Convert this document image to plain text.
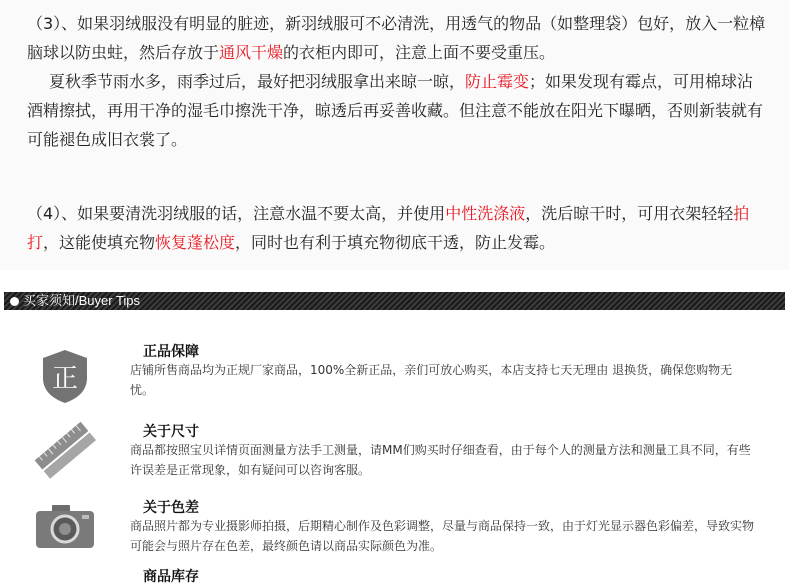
（3）、如果羽绒服没有明显的脏迹，新羽绒服可不必清洗，用透气的物品（如整理袋）包好，放入一粒樟脑球以防虫蛀，然后存放于通风干燥的衣柜内即可，注意上面不要受重压。
夏秋季节雨水多，雨季过后，最好把羽绒服拿出来晾一晾，防止霉变；如果发现有霉点，可用棉球沾酒精擦拭，再用干净的湿毛巾擦洗干净，晾透后再妥善收藏。但注意不能放在阳光下曝晒，否则新装就有可能褪色成旧衣裳了。

（4）、如果要清洗羽绒服的话，注意水温不要太高，并使用中性洗涤液，洗后晾干时，可用衣架轻轻拍打，这能使填充物恢复蓬松度，同时也有利于填充物彻底干透，防止发霉。

买家须知/Buyer Tips
正
正品保障
店铺所售商品均为正规厂家商品，100%全新正品，亲们可放心购买，本店支持七天无理由 退换货，确保您购物无忧。
关于尺寸
商品都按照宝贝详情页面测量方法手工测量，请MM们购买时仔细查看，由于每个人的测量方法和测量工具不同，有些许误差是正常现象，如有疑问可以咨询客服。
关于色差
商品照片都为专业摄影师拍摄，后期精心制作及色彩调整，尽量与商品保持一致，由于灯光显示器色彩偏差，导致实物可能会与照片存在色差，最终颜色请以商品实际颜色为准。
商品库存
